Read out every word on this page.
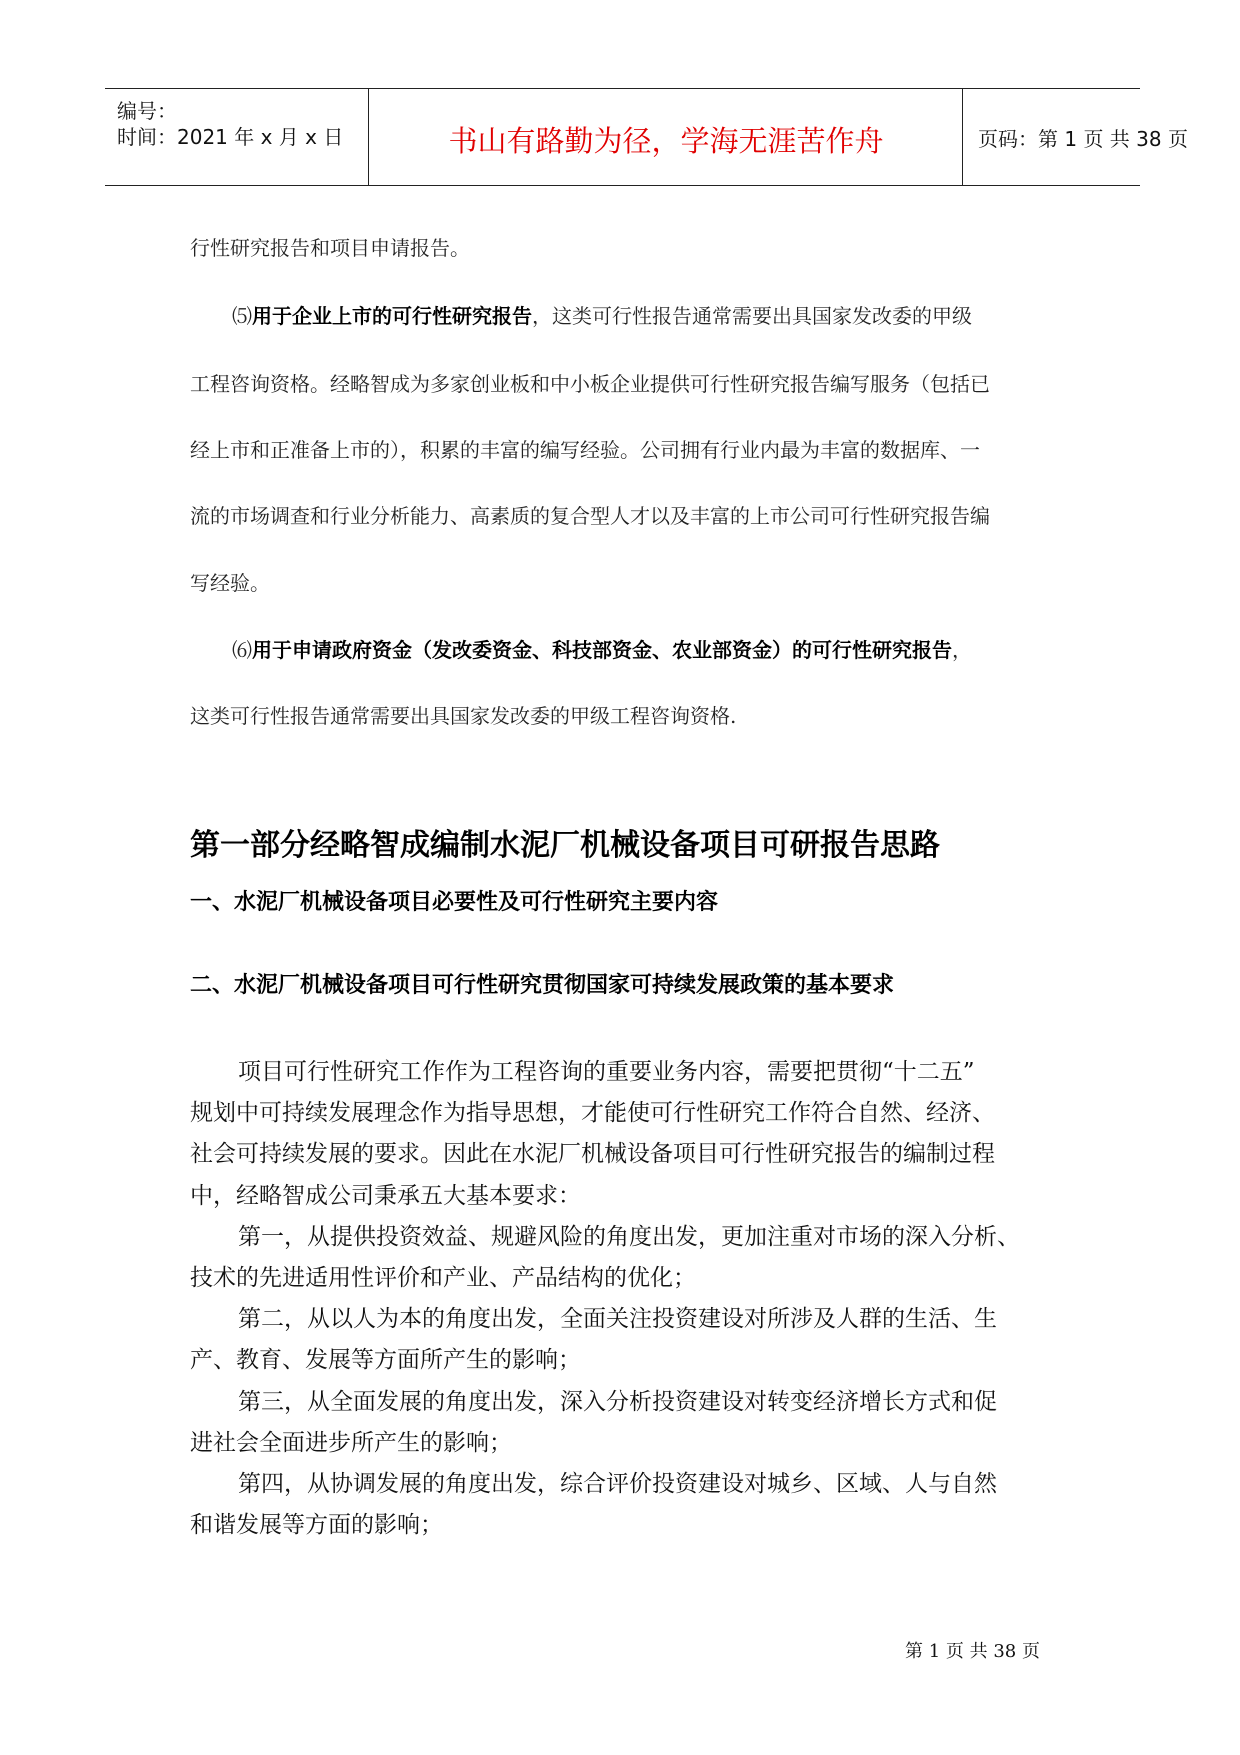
编号：
时间：2021 年 x 月 x 日	书山有路勤为径，学海无涯苦作舟	页码：第 1 页 共 38 页
行性研究报告和项目申请报告。
⑸用于企业上市的可行性研究报告，这类可行性报告通常需要出具国家发改委的甲级
工程咨询资格。经略智成为多家创业板和中小板企业提供可行性研究报告编写服务（包括已
经上市和正准备上市的），积累的丰富的编写经验。公司拥有行业内最为丰富的数据库、一
流的市场调查和行业分析能力、高素质的复合型人才以及丰富的上市公司可行性研究报告编
写经验。
⑹用于申请政府资金（发改委资金、科技部资金、农业部资金）的可行性研究报告，
这类可行性报告通常需要出具国家发改委的甲级工程咨询资格.
第一部分经略智成编制水泥厂机械设备项目可研报告思路
一、水泥厂机械设备项目必要性及可行性研究主要内容
二、水泥厂机械设备项目可行性研究贯彻国家可持续发展政策的基本要求
项目可行性研究工作作为工程咨询的重要业务内容，需要把贯彻“十二五”
规划中可持续发展理念作为指导思想，才能使可行性研究工作符合自然、经济、
社会可持续发展的要求。因此在水泥厂机械设备项目可行性研究报告的编制过程
中，经略智成公司秉承五大基本要求：
第一，从提供投资效益、规避风险的角度出发，更加注重对市场的深入分析、
技术的先进适用性评价和产业、产品结构的优化；
第二，从以人为本的角度出发，全面关注投资建设对所涉及人群的生活、生
产、教育、发展等方面所产生的影响；
第三，从全面发展的角度出发，深入分析投资建设对转变经济增长方式和促
进社会全面进步所产生的影响；
第四，从协调发展的角度出发，综合评价投资建设对城乡、区域、人与自然
和谐发展等方面的影响；
第 1 页 共 38 页
